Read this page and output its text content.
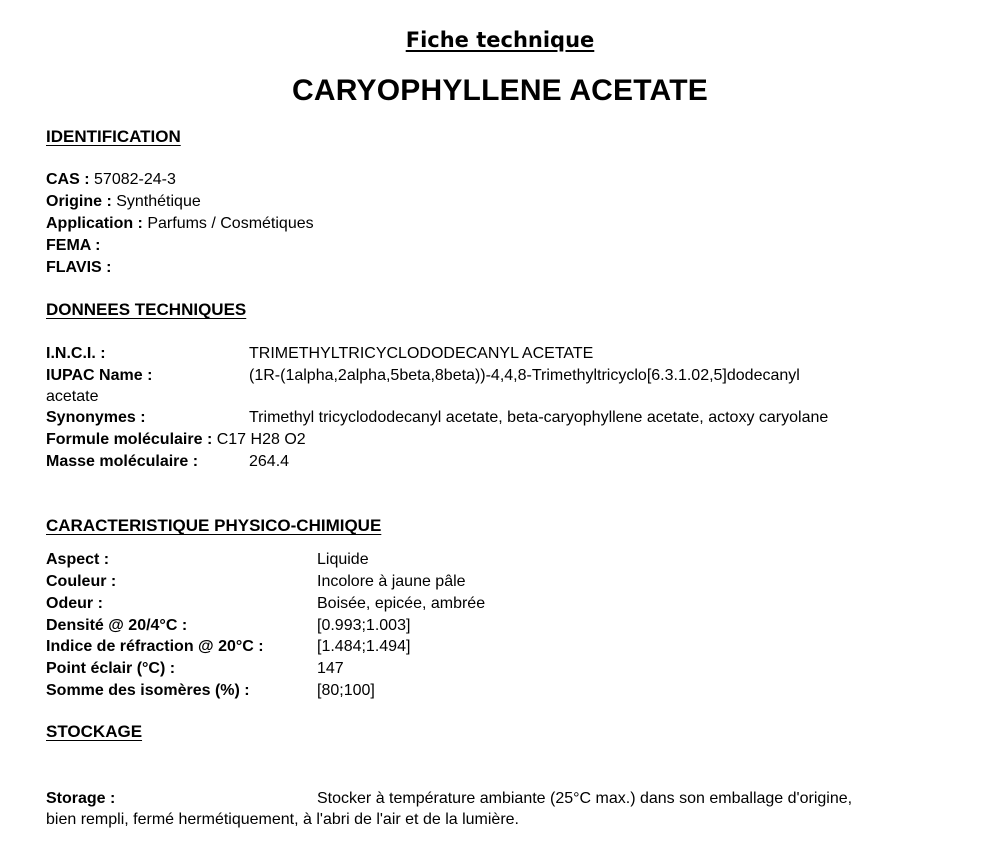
Fiche technique
CARYOPHYLLENE ACETATE
IDENTIFICATION
CAS : 57082-24-3
Origine : Synthétique
Application : Parfums / Cosmétiques
FEMA :
FLAVIS :
DONNEES TECHNIQUES
I.N.C.I. :	TRIMETHYLTRICYCLODODECANYL ACETATE
IUPAC Name :	(1R-(1alpha,2alpha,5beta,8beta))-4,4,8-Trimethyltricyclo[6.3.1.02,5]dodecanyl
acetate
Synonymes :	Trimethyl tricyclododecanyl acetate, beta-caryophyllene acetate, actoxy caryolane
Formule moléculaire : C17 H28 O2
Masse moléculaire :	264.4
CARACTERISTIQUE PHYSICO-CHIMIQUE
Aspect :	Liquide
Couleur :	Incolore à jaune pâle
Odeur :	Boisée, epicée, ambrée
Densité @ 20/4°C :	[0.993;1.003]
Indice de réfraction @ 20°C :	[1.484;1.494]
Point éclair (°C) :	147
Somme des isomères (%) :	[80;100]
STOCKAGE
Storage :	Stocker à température ambiante (25°C max.) dans son emballage d'origine,
bien rempli, fermé hermétiquement, à l'abri de l'air et de la lumière.
